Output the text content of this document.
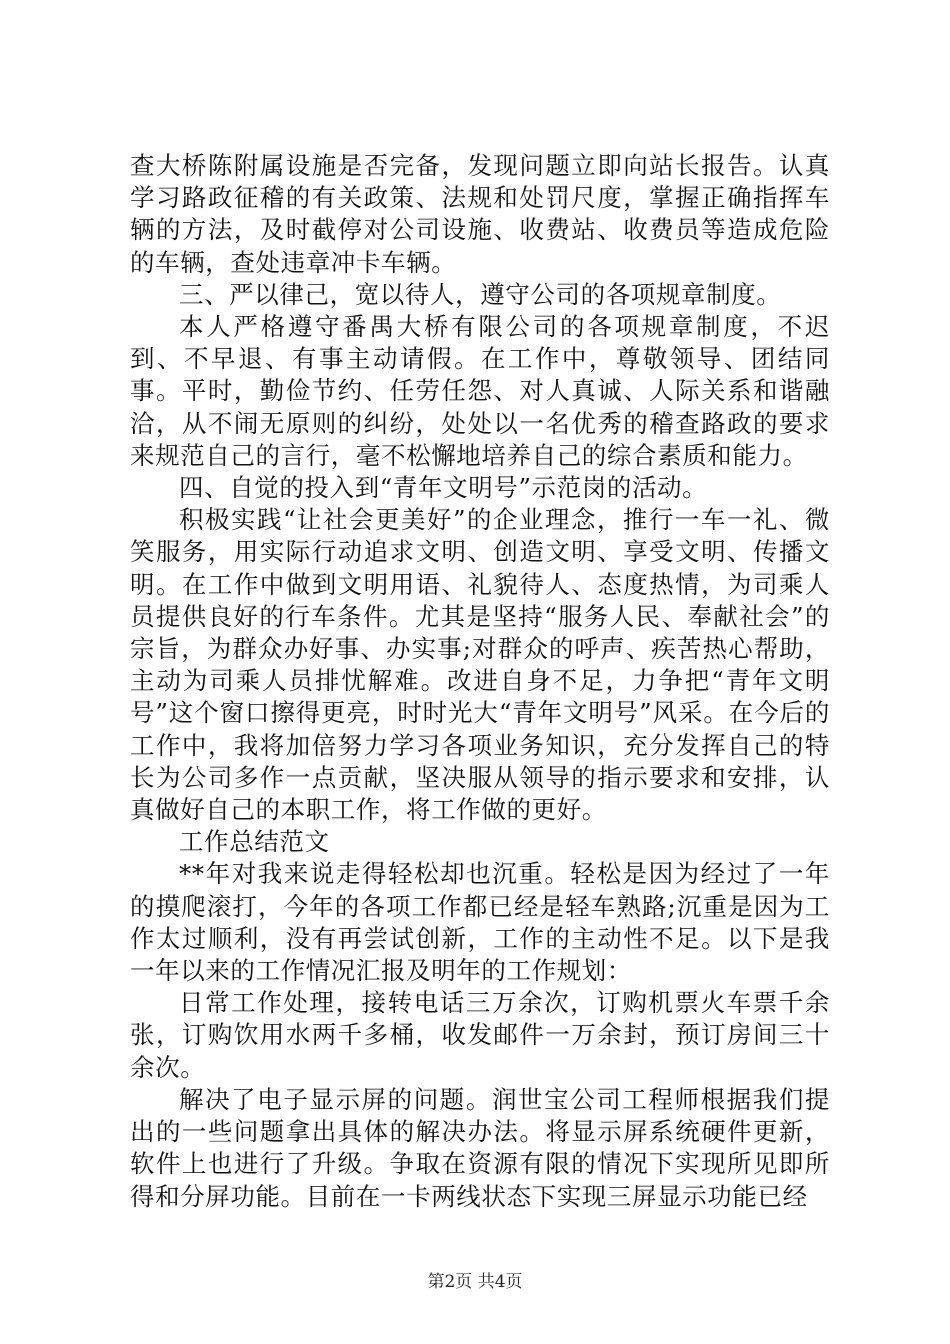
查大桥陈附属设施是否完备，发现问题立即向站长报告。认真学习路政征稽的有关政策、法规和处罚尺度，掌握正确指挥车辆的方法，及时截停对公司设施、收费站、收费员等造成危险的车辆，查处违章冲卡车辆。

三、严以律己，宽以待人，遵守公司的各项规章制度。

本人严格遵守番禺大桥有限公司的各项规章制度，不迟到、不早退、有事主动请假。在工作中，尊敬领导、团结同事。平时，勤俭节约、任劳任怨、对人真诚、人际关系和谐融洽，从不闹无原则的纠纷，处处以一名优秀的稽查路政的要求来规范自己的言行，毫不松懈地培养自己的综合素质和能力。

四、自觉的投入到“青年文明号”示范岗的活动。

积极实践“让社会更美好”的企业理念，推行一车一礼、微笑服务，用实际行动追求文明、创造文明、享受文明、传播文明。在工作中做到文明用语、礼貌待人、态度热情，为司乘人员提供良好的行车条件。尤其是坚持“服务人民、奉献社会”的宗旨，为群众办好事、办实事;对群众的呼声、疾苦热心帮助，主动为司乘人员排忧解难。改进自身不足，力争把“青年文明号”这个窗口擦得更亮，时时光大“青年文明号”风采。在今后的工作中，我将加倍努力学习各项业务知识，充分发挥自己的特长为公司多作一点贡献，坚决服从领导的指示要求和安排，认真做好自己的本职工作，将工作做的更好。

工作总结范文

**年对我来说走得轻松却也沉重。轻松是因为经过了一年的摸爬滚打，今年的各项工作都已经是轻车熟路;沉重是因为工作太过顺利，没有再尝试创新，工作的主动性不足。以下是我一年以来的工作情况汇报及明年的工作规划：

日常工作处理，接转电话三万余次，订购机票火车票千余张，订购饮用水两千多桶，收发邮件一万余封，预订房间三十余次。

解决了电子显示屏的问题。润世宝公司工程师根据我们提出的一些问题拿出具体的解决办法。将显示屏系统硬件更新，软件上也进行了升级。争取在资源有限的情况下实现所见即所得和分屏功能。目前在一卡两线状态下实现三屏显示功能已经

第2页 共4页
